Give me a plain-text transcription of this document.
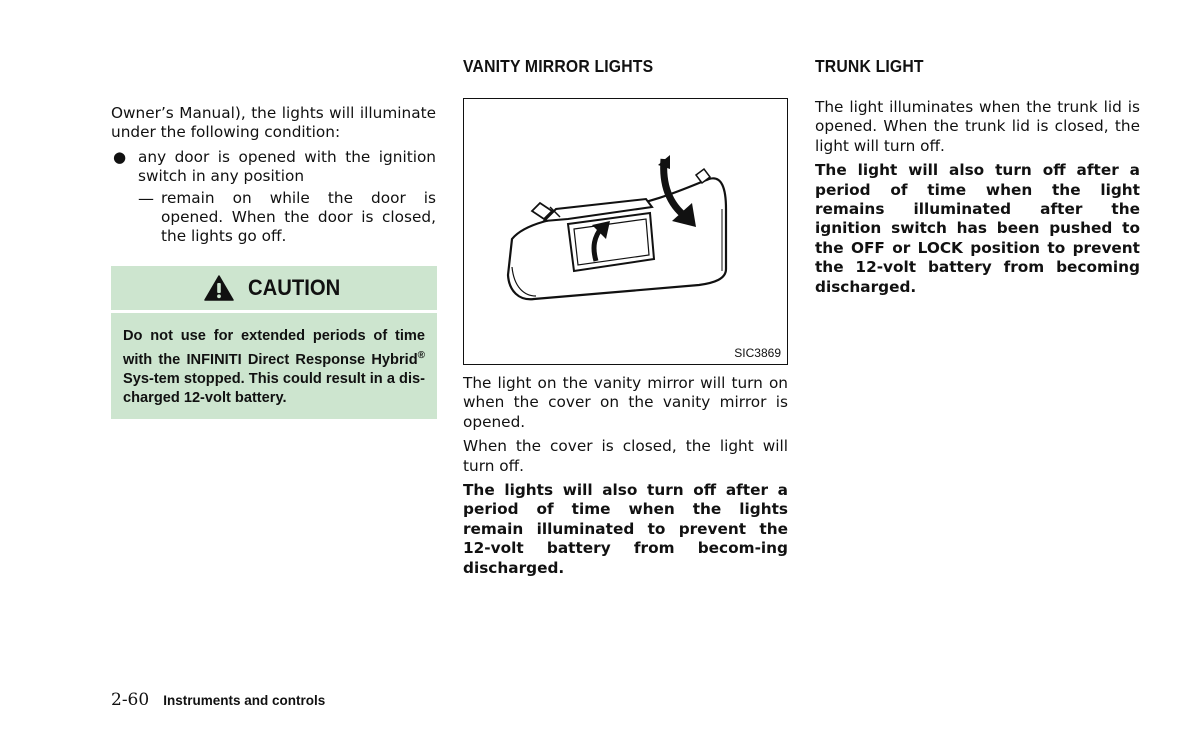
Owner’s Manual), the lights will illuminate under the following condition:

● any door is opened with the ignition switch in any position

— remain on while the door is opened. When the door is closed, the lights go off.

CAUTION

Do not use for extended periods of time with the INFINITI Direct Response Hybrid® Sys-tem stopped. This could result in a dis-charged 12-volt battery.

VANITY MIRROR LIGHTS
SIC3869

The light on the vanity mirror will turn on when the cover on the vanity mirror is opened.

When the cover is closed, the light will turn off.

The lights will also turn off after a period of time when the lights remain illuminated to prevent the 12-volt battery from becom-ing discharged.

TRUNK LIGHT

The light illuminates when the trunk lid is opened. When the trunk lid is closed, the light will turn off.

The light will also turn off after a period of time when the light remains illuminated after the ignition switch has been pushed to the OFF or LOCK position to prevent the 12-volt battery from becoming discharged.

2-60 Instruments and controls
